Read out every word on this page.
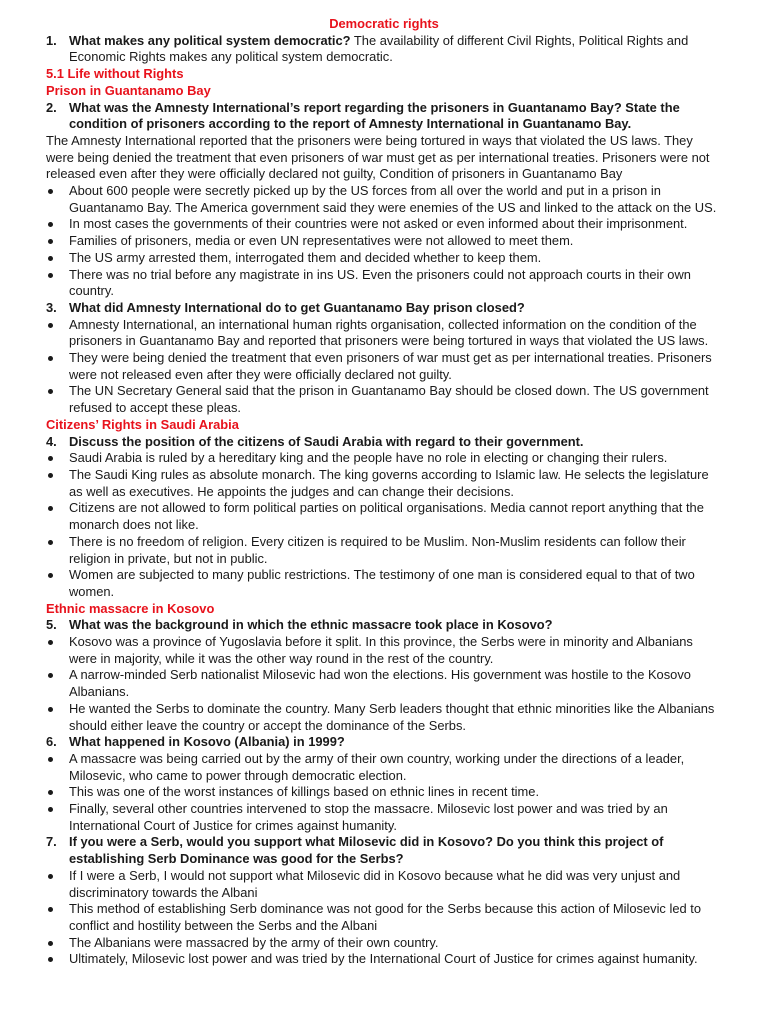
Democratic rights
1. What makes any political system democratic? The availability of different Civil Rights, Political Rights and Economic Rights makes any political system democratic.
5.1 Life without Rights
Prison in Guantanamo Bay
2. What was the Amnesty International’s report regarding the prisoners in Guantanamo Bay? State the condition of prisoners according to the report of Amnesty International in Guantanamo Bay.
The Amnesty International reported that the prisoners were being tortured in ways that violated the US laws. They were being denied the treatment that even prisoners of war must get as per international treaties. Prisoners were not released even after they were officially declared not guilty, Condition of prisoners in Guantanamo Bay
About 600 people were secretly picked up by the US forces from all over the world and put in a prison in Guantanamo Bay. The America government said they were enemies of the US and linked to the attack on the US.
In most cases the governments of their countries were not asked or even informed about their imprisonment.
Families of prisoners, media or even UN representatives were not allowed to meet them.
The US army arrested them, interrogated them and decided whether to keep them.
There was no trial before any magistrate in ins US. Even the prisoners could not approach courts in their own country.
3. What did Amnesty International do to get Guantanamo Bay prison closed?
Amnesty International, an international human rights organisation, collected information on the condition of the prisoners in Guantanamo Bay and reported that prisoners were being tortured in ways that violated the US laws.
They were being denied the treatment that even prisoners of war must get as per international treaties. Prisoners were not released even after they were officially declared not guilty.
The UN Secretary General said that the prison in Guantanamo Bay should be closed down. The US government refused to accept these pleas.
Citizens’ Rights in Saudi Arabia
4. Discuss the position of the citizens of Saudi Arabia with regard to their government.
Saudi Arabia is ruled by a hereditary king and the people have no role in electing or changing their rulers.
The Saudi King rules as absolute monarch. The king governs according to Islamic law. He selects the legislature as well as executives. He appoints the judges and can change their decisions.
Citizens are not allowed to form political parties on political organisations. Media cannot report anything that the monarch does not like.
There is no freedom of religion. Every citizen is required to be Muslim. Non-Muslim residents can follow their religion in private, but not in public.
Women are subjected to many public restrictions. The testimony of one man is considered equal to that of two women.
Ethnic massacre in Kosovo
5. What was the background in which the ethnic massacre took place in Kosovo?
Kosovo was a province of Yugoslavia before it split. In this province, the Serbs were in minority and Albanians were in majority, while it was the other way round in the rest of the country.
A narrow-minded Serb nationalist Milosevic had won the elections. His government was hostile to the Kosovo Albanians.
He wanted the Serbs to dominate the country. Many Serb leaders thought that ethnic minorities like the Albanians should either leave the country or accept the dominance of the Serbs.
6. What happened in Kosovo (Albania) in 1999?
A massacre was being carried out by the army of their own country, working under the directions of a leader, Milosevic, who came to power through democratic election.
This was one of the worst instances of killings based on ethnic lines in recent time.
Finally, several other countries intervened to stop the massacre. Milosevic lost power and was tried by an International Court of Justice for crimes against humanity.
7. If you were a Serb, would you support what Milosevic did in Kosovo? Do you think this project of establishing Serb Dominance was good for the Serbs?
If I were a Serb, I would not support what Milosevic did in Kosovo because what he did was very unjust and discriminatory towards the Albani
This method of establishing Serb dominance was not good for the Serbs because this action of Milosevic led to conflict and hostility between the Serbs and the Albani
The Albanians were massacred by the army of their own country.
Ultimately, Milosevic lost power and was tried by the International Court of Justice for crimes against humanity.
